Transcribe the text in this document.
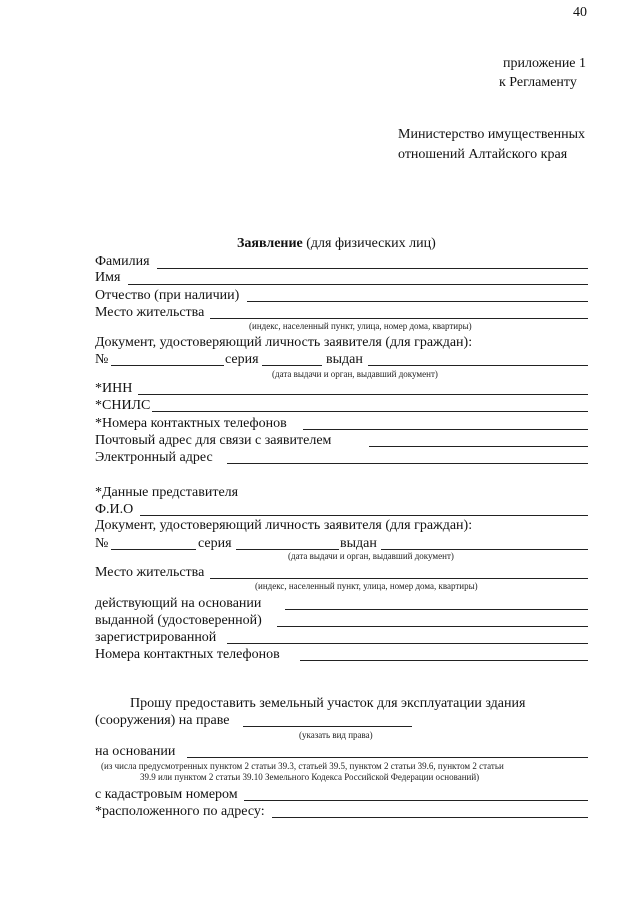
40
приложение 1
к Регламенту
Министерство имущественных
отношений Алтайского края
Заявление (для физических лиц)
Фамилия
Имя
Отчество (при наличии)
Место жительства
(индекс, населенный пункт, улица, номер дома, квартиры)
Документ, удостоверяющий личность заявителя (для граждан):
№	серия	выдан
(дата выдачи и орган, выдавший документ)
*ИНН
*СНИЛС
*Номера контактных телефонов
Почтовый адрес для связи с заявителем
Электронный адрес
*Данные представителя
Ф.И.О
Документ, удостоверяющий личность заявителя (для граждан):
№	серия	выдан
(дата выдачи и орган, выдавший документ)
Место жительства
(индекс, населенный пункт, улица, номер дома, квартиры)
действующий на основании
выданной (удостоверенной)
зарегистрированной
Номера контактных телефонов
Прошу предоставить земельный участок для эксплуатации здания
(сооружения) на праве
(указать вид права)
на основании
(из числа предусмотренных пунктом 2 статьи 39.3, статьей 39.5, пунктом 2 статьи 39.6, пунктом 2 статьи
39.9 или пунктом 2 статьи 39.10 Земельного Кодекса Российской Федерации оснований)
с кадастровым номером
*расположенного по адресу:
